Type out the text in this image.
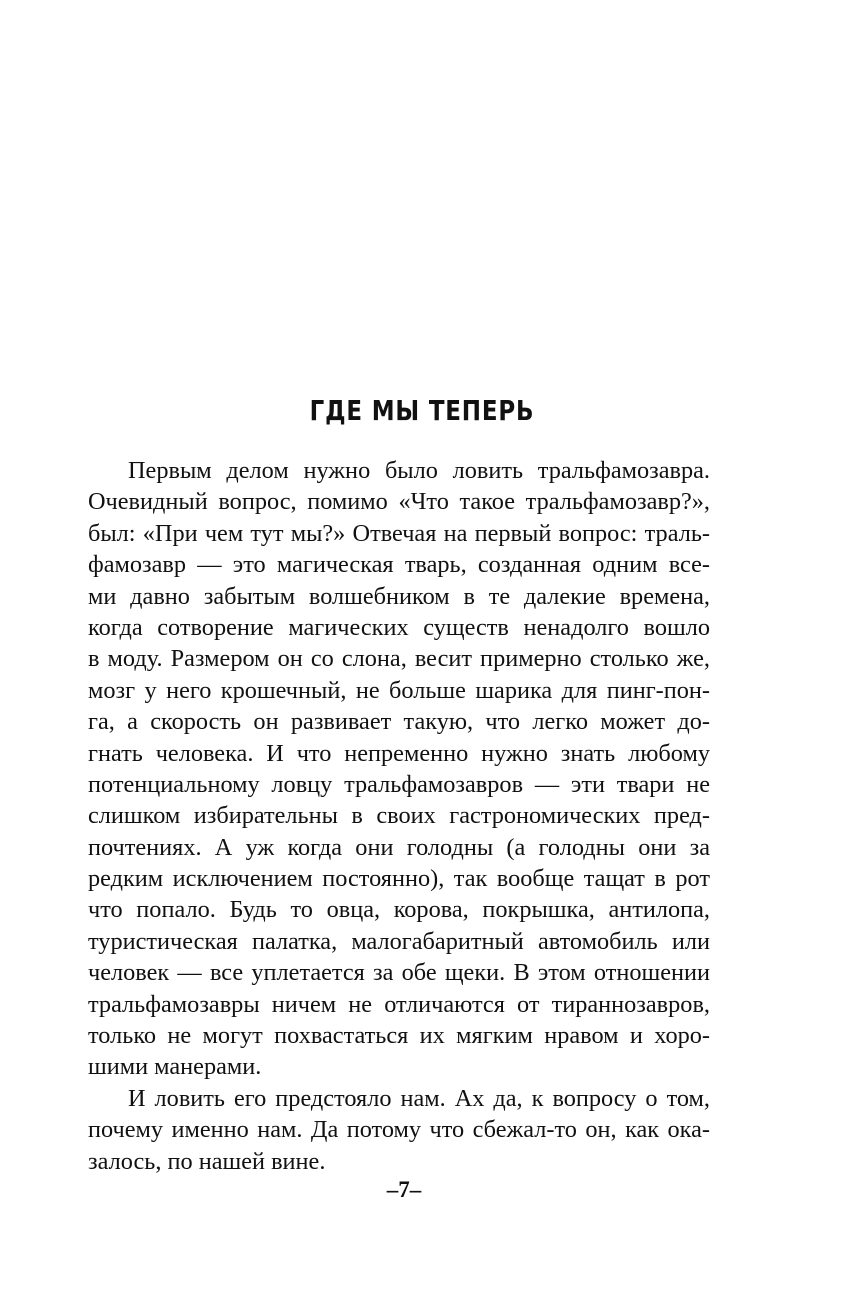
ГДЕ МЫ ТЕПЕРЬ
Первым делом нужно было ловить тральфамозавра.
Очевидный вопрос, помимо «Что такое тральфамозавр?»,
был: «При чем тут мы?» Отвечая на первый вопрос: траль-
фамозавр — это магическая тварь, созданная одним все-
ми давно забытым волшебником в те далекие времена,
когда сотворение магических существ ненадолго вошло
в моду. Размером он со слона, весит примерно столько же,
мозг у него крошечный, не больше шарика для пинг-пон-
га, а скорость он развивает такую, что легко может до-
гнать человека. И что непременно нужно знать любому
потенциальному ловцу тральфамозавров — эти твари не
слишком избирательны в своих гастрономических пред-
почтениях. А уж когда они голодны (а голодны они за
редким исключением постоянно), так вообще тащат в рот
что попало. Будь то овца, корова, покрышка, антилопа,
туристическая палатка, малогабаритный автомобиль или
человек — все уплетается за обе щеки. В этом отношении
тральфамозавры ничем не отличаются от тираннозавров,
только не могут похвастаться их мягким нравом и хоро-
шими манерами.
И ловить его предстояло нам. Ах да, к вопросу о том,
почему именно нам. Да потому что сбежал-то он, как ока-
залось, по нашей вине.
–7–
